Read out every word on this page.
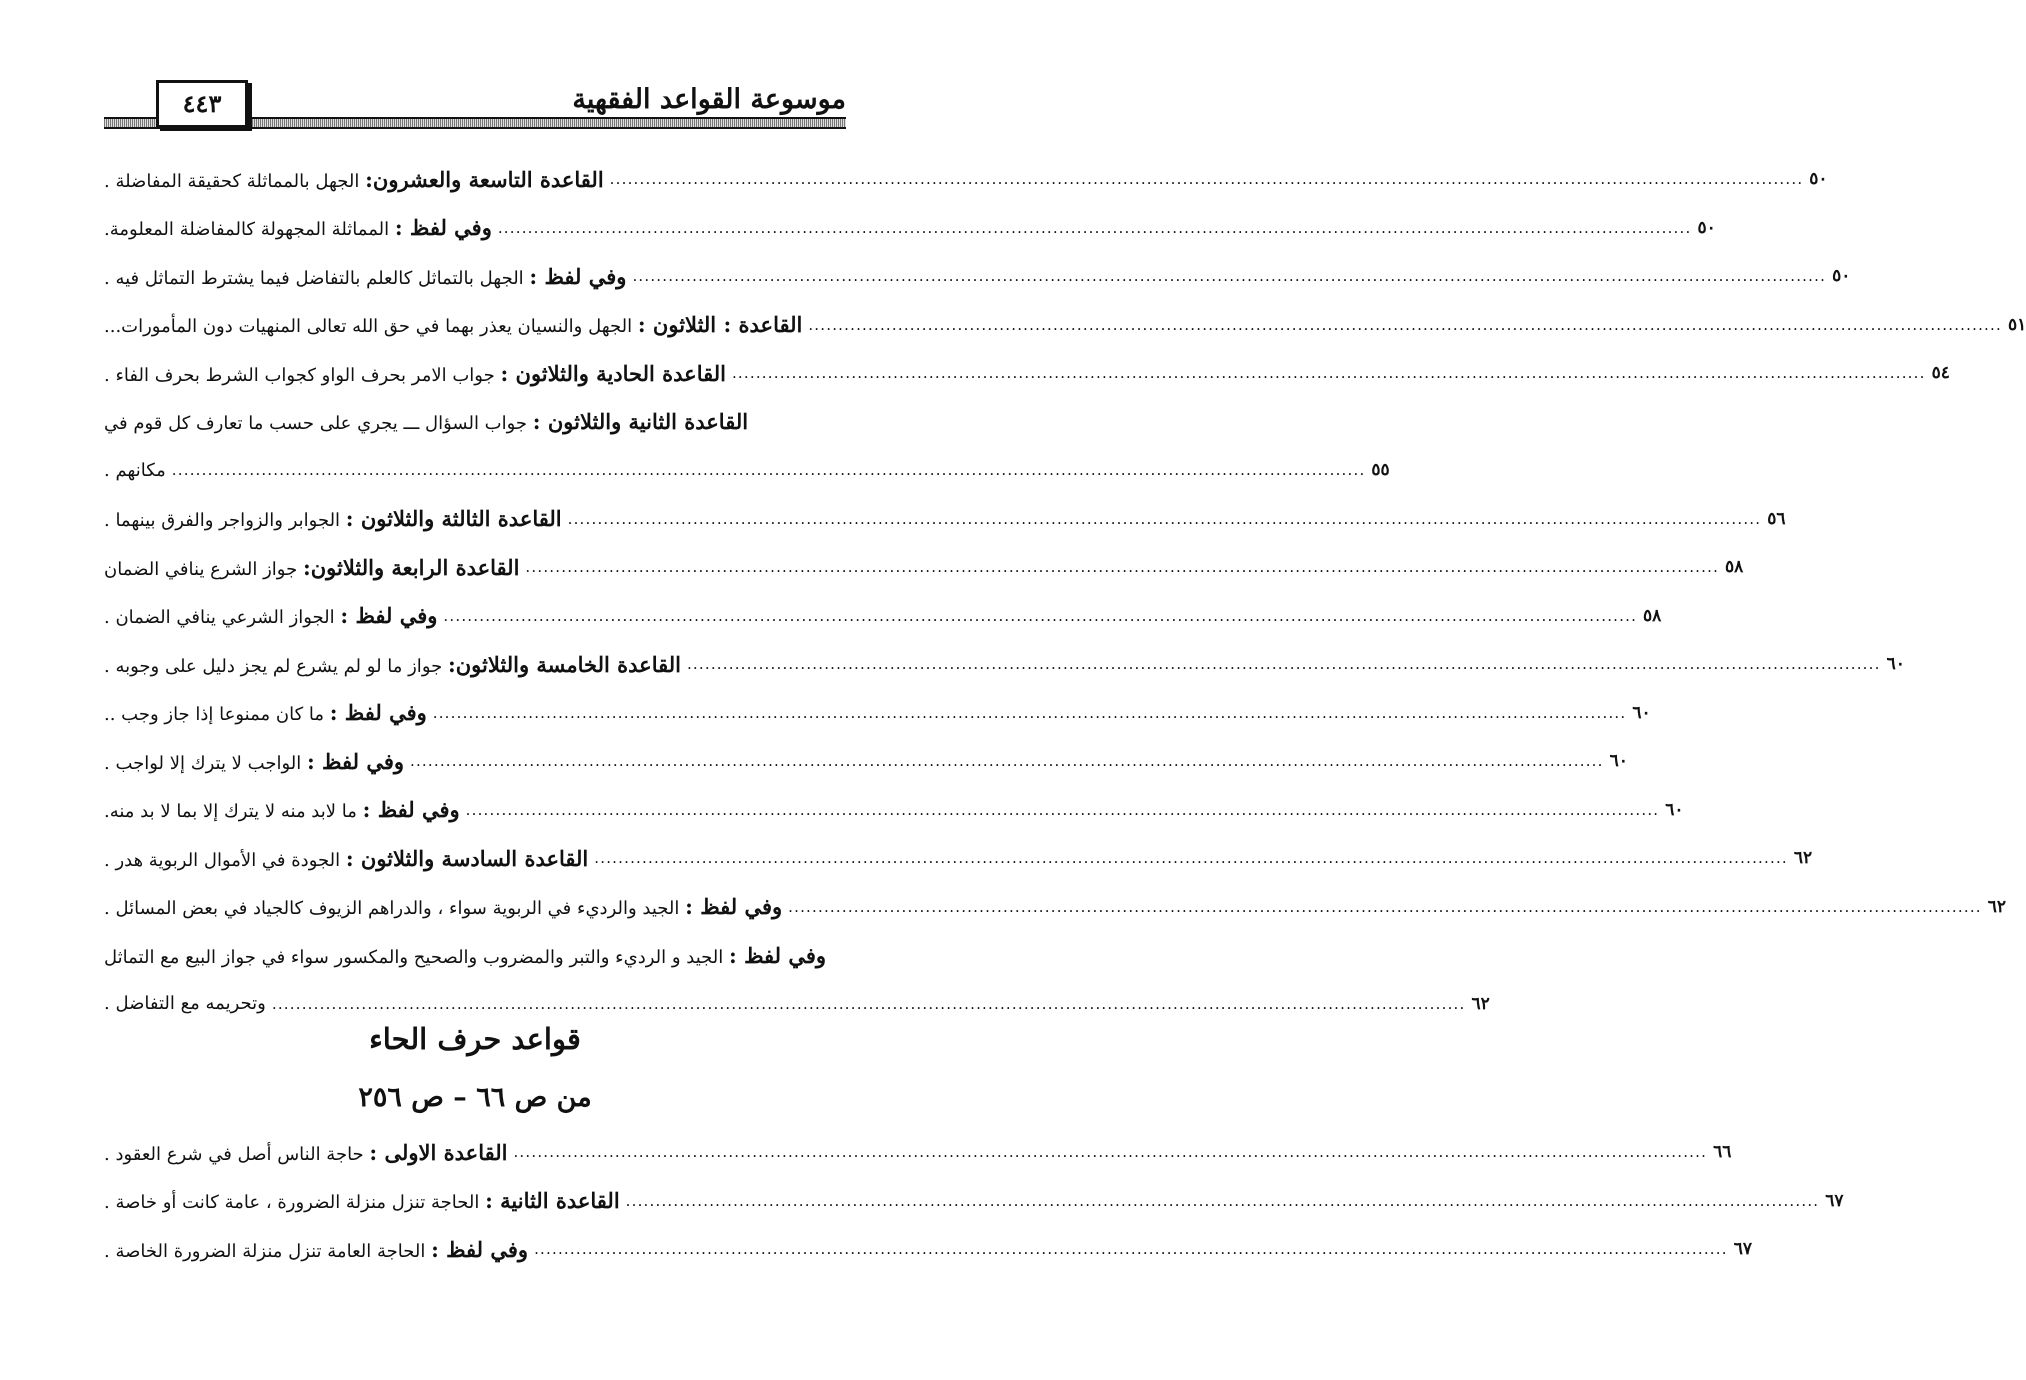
٤٤٣	موسوعة القواعد الفقهية
القاعدة التاسعة والعشرون: الجهل بالمماثلة كحقيقة المفاضلة .	........................................................................................................................................................................................................ ٥٠
وفي لفظ : المماثلة المجهولة كالمفاضلة المعلومة.	........................................................................................................................................................................................................ ٥٠
وفي لفظ : الجهل بالتماثل كالعلم بالتفاضل فيما يشترط التماثل فيه .	........................................................................................................................................................................................................ ٥٠
القاعدة : الثلاثون : الجهل والنسيان يعذر بهما في حق الله تعالى المنهيات دون المأمورات...	........................................................................................................................................................................................................ ٥١
القاعدة الحادية والثلاثون : جواب الامر بحرف الواو كجواب الشرط بحرف الفاء .	........................................................................................................................................................................................................ ٥٤
القاعدة الثانية والثلاثون : جواب السؤال ـــ يجري على حسب ما تعارف كل قوم في
مكانهم . ........................................................................................................................................................................................................ ٥٥
القاعدة الثالثة والثلاثون : الجوابر والزواجر والفرق بينهما .	........................................................................................................................................................................................................ ٥٦
القاعدة الرابعة والثلاثون: جواز الشرع ينافي الضمان	........................................................................................................................................................................................................ ٥٨
وفي لفظ : الجواز الشرعي ينافي الضمان .	........................................................................................................................................................................................................ ٥٨
القاعدة الخامسة والثلاثون: جواز ما لو لم يشرع لم يجز دليل على وجوبه .	........................................................................................................................................................................................................ ٦٠
وفي لفظ : ما كان ممنوعا إذا جاز وجب ..	........................................................................................................................................................................................................ ٦٠
وفي لفظ : الواجب لا يترك إلا لواجب .	........................................................................................................................................................................................................ ٦٠
وفي لفظ : ما لابد منه لا يترك إلا بما لا بد منه.	........................................................................................................................................................................................................ ٦٠
القاعدة السادسة والثلاثون : الجودة في الأموال الربوية هدر .	........................................................................................................................................................................................................ ٦٢
وفي لفظ : الجيد والرديء في الربوية سواء ، والدراهم الزيوف كالجياد في بعض المسائل .	........................................................................................................................................................................................................ ٦٢
وفي لفظ : الجيد و الرديء والتبر والمضروب والصحيح والمكسور سواء في جواز البيع مع التماثل
وتحريمه مع التفاضل . ........................................................................................................................................................................................................ ٦٢
قواعد حرف الحاء
من ص ٦٦ – ص ٢٥٦
القاعدة الاولى : حاجة الناس أصل في شرع العقود .	........................................................................................................................................................................................................ ٦٦
القاعدة الثانية : الحاجة تنزل منزلة الضرورة ، عامة كانت أو خاصة .	........................................................................................................................................................................................................ ٦٧
وفي لفظ : الحاجة العامة تنزل منزلة الضرورة الخاصة .	........................................................................................................................................................................................................ ٦٧
